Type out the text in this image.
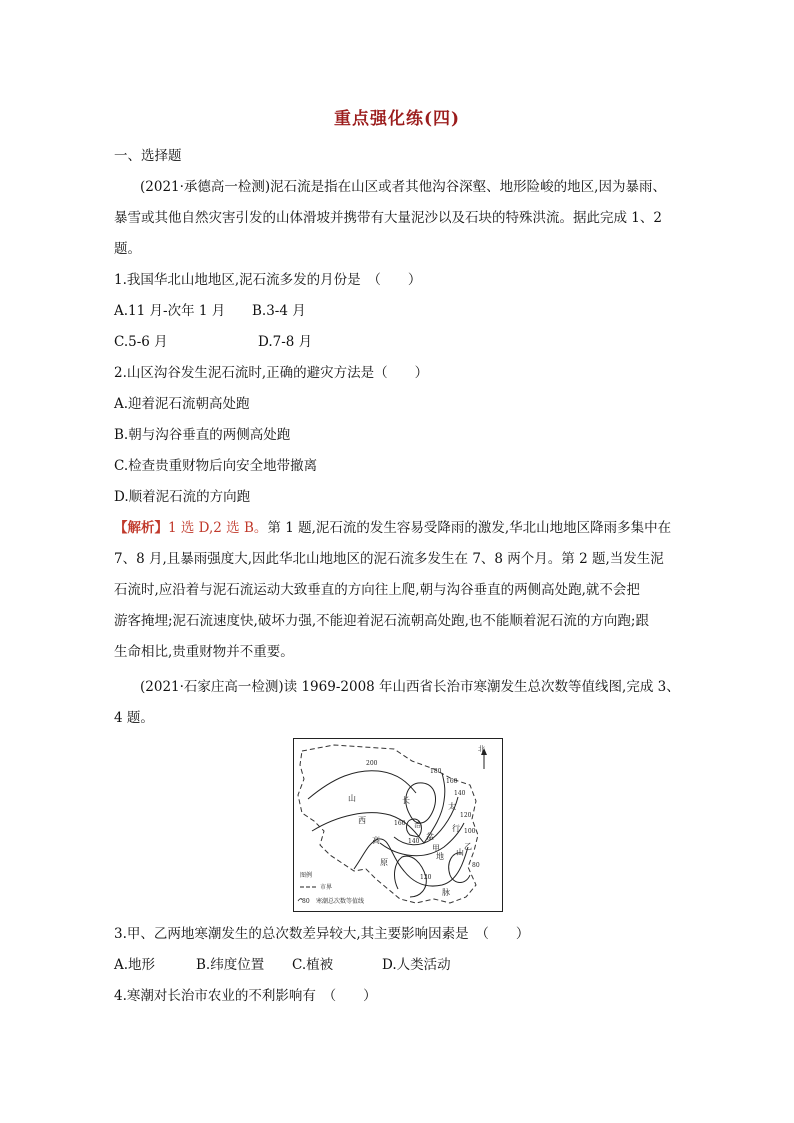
重点强化练(四)
一、选择题
(2021·承德高一检测)泥石流是指在山区或者其他沟谷深壑、地形险峻的地区,因为暴雨、
暴雪或其他自然灾害引发的山体滑坡并携带有大量泥沙以及石块的特殊洪流。据此完成 1、2
题。
1.我国华北山地地区,泥石流多发的月份是　（　　）
A.11 月-次年 1 月 B.3-4 月
C.5-6 月	D.7-8 月
2.山区沟谷发生泥石流时,正确的避灾方法是（　　）
A.迎着泥石流朝高处跑
B.朝与沟谷垂直的两侧高处跑
C.检查贵重财物后向安全地带撤离
D.顺着泥石流的方向跑
【解析】1 选 D,2 选 B。第 1 题,泥石流的发生容易受降雨的激发,华北山地地区降雨多集中在
7、8 月,且暴雨强度大,因此华北山地地区的泥石流多发生在 7、8 两个月。第 2 题,当发生泥
石流时,应沿着与泥石流运动大致垂直的方向往上爬,朝与沟谷垂直的两侧高处跑,就不会把
游客掩埋;泥石流速度快,破坏力强,不能迎着泥石流朝高处跑,也不能顺着泥石流的方向跑;跟
生命相比,贵重财物并不重要。
(2021·石家庄高一检测)读 1969-2008 年山西省长治市寒潮发生总次数等值线图,完成 3、
4 题。
北
200
180
160
140
160
140
120
100
80
120
山
西
高
原
长
治
盆
地
甲
太
行
山
乙
脉
图例
市界
80 寒潮总次数等值线
3.甲、乙两地寒潮发生的总次数差异较大,其主要影响因素是　（　　）
A.地形	B.纬度位置 C.植被	D.人类活动
4.寒潮对长治市农业的不利影响有　（　　）
